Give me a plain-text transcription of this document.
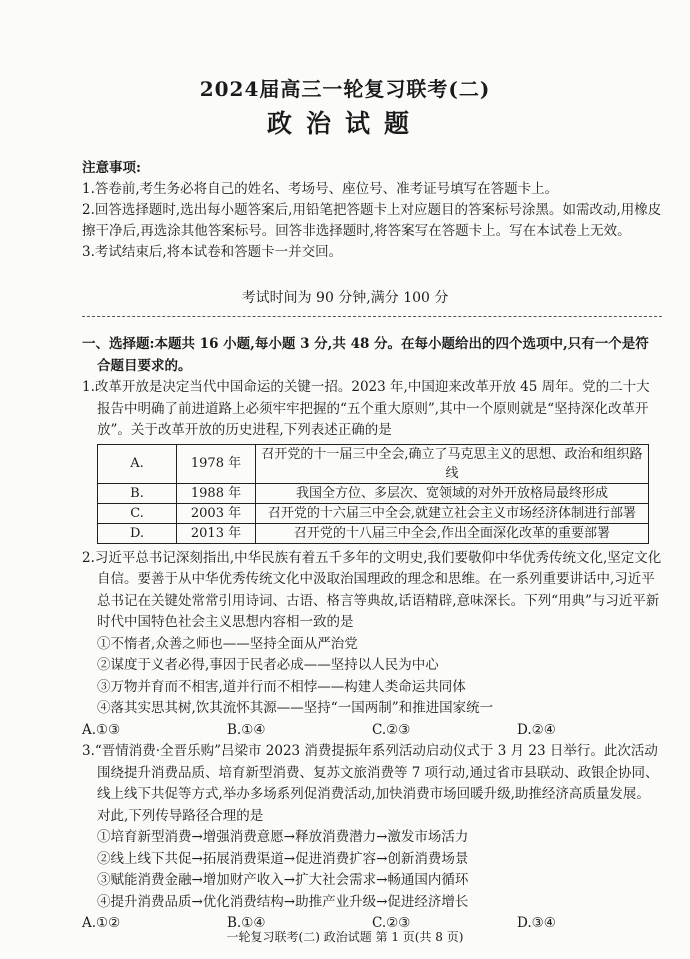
2024届高三一轮复习联考(二)
政治试题
注意事项:
1.答卷前,考生务必将自己的姓名、考场号、座位号、准考证号填写在答题卡上。
2.回答选择题时,选出每小题答案后,用铅笔把答题卡上对应题目的答案标号涂黑。如需改动,用橡皮擦干净后,再选涂其他答案标号。回答非选择题时,将答案写在答题卡上。写在本试卷上无效。
3.考试结束后,将本试卷和答题卡一并交回。
考试时间为 90 分钟,满分 100 分
一、选择题:本题共 16 小题,每小题 3 分,共 48 分。在每小题给出的四个选项中,只有一个是符合题目要求的。
1.改革开放是决定当代中国命运的关键一招。2023 年,中国迎来改革开放 45 周年。党的二十大报告中明确了前进道路上必须牢牢把握的“五个重大原则”,其中一个原则就是“坚持深化改革开放”。关于改革开放的历史进程,下列表述正确的是
A.	1978 年	召开党的十一届三中全会,确立了马克思主义的思想、政治和组织路线
B.	1988 年	我国全方位、多层次、宽领域的对外开放格局最终形成
C.	2003 年	召开党的十六届三中全会,就建立社会主义市场经济体制进行部署
D.	2013 年	召开党的十八届三中全会,作出全面深化改革的重要部署
2.习近平总书记深刻指出,中华民族有着五千多年的文明史,我们要敬仰中华优秀传统文化,坚定文化自信。要善于从中华优秀传统文化中汲取治国理政的理念和思维。在一系列重要讲话中,习近平总书记在关键处常常引用诗词、古语、格言等典故,话语精辟,意味深长。下列“用典”与习近平新时代中国特色社会主义思想内容相一致的是
①不惰者,众善之师也——坚持全面从严治党
②谋度于义者必得,事因于民者必成——坚持以人民为中心
③万物并育而不相害,道并行而不相悖——构建人类命运共同体
④落其实思其树,饮其流怀其源——坚持“一国两制”和推进国家统一
A.①③	B.①④	C.②③	D.②④
3.“晋情消费·全晋乐购”吕梁市 2023 消费提振年系列活动启动仪式于 3 月 23 日举行。此次活动围绕提升消费品质、培育新型消费、复苏文旅消费等 7 项行动,通过省市县联动、政银企协同、线上线下共促等方式,举办多场系列促消费活动,加快消费市场回暖升级,助推经济高质量发展。对此,下列传导路径合理的是
①培育新型消费→增强消费意愿→释放消费潜力→激发市场活力
②线上线下共促→拓展消费渠道→促进消费扩容→创新消费场景
③赋能消费金融→增加财产收入→扩大社会需求→畅通国内循环
④提升消费品质→优化消费结构→助推产业升级→促进经济增长
A.①②	B.①④	C.②③	D.③④
一轮复习联考(二) 政治试题 第 1 页(共 8 页)
